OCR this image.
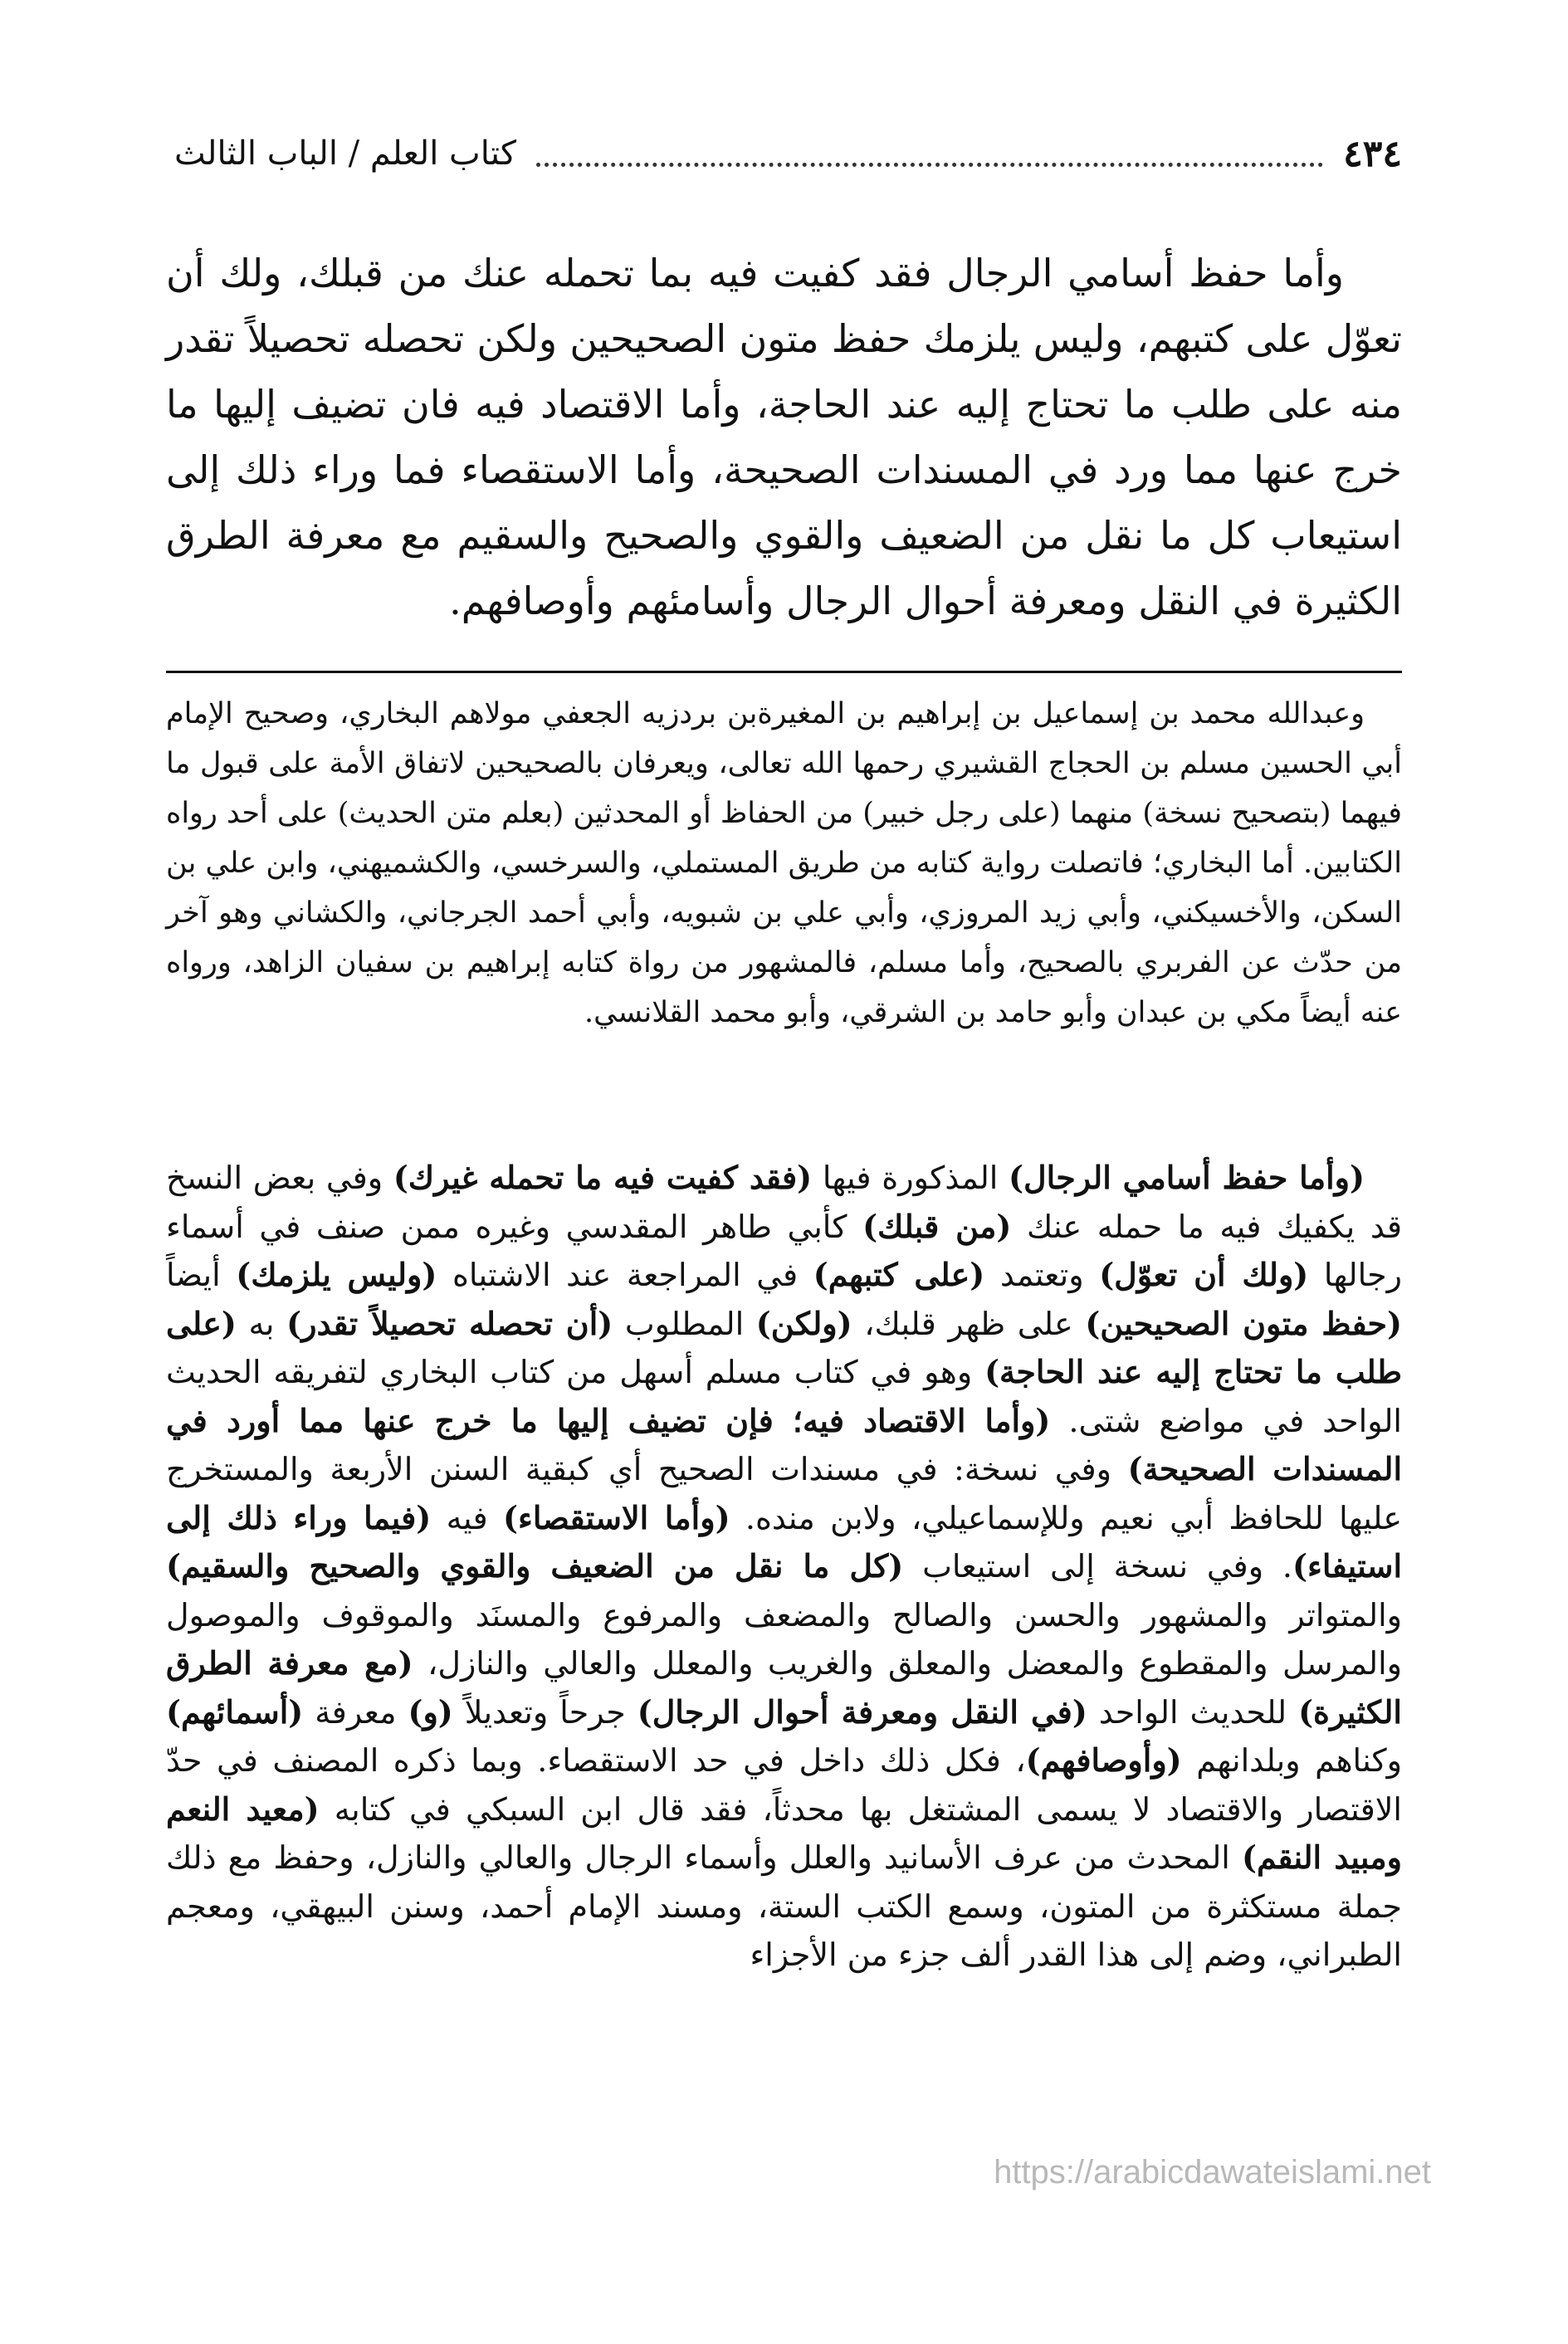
٤٣٤
كتاب العلم / الباب الثالث

وأما حفظ أسامي الرجال فقد كفيت فيه بما تحمله عنك من قبلك، ولك أن تعوّل على كتبهم، وليس يلزمك حفظ متون الصحيحين ولكن تحصله تحصيلاً تقدر منه على طلب ما تحتاج إليه عند الحاجة، وأما الاقتصاد فيه فان تضيف إليها ما خرج عنها مما ورد في المسندات الصحيحة، وأما الاستقصاء فما وراء ذلك إلى استيعاب كل ما نقل من الضعيف والقوي والصحيح والسقيم مع معرفة الطرق الكثيرة في النقل ومعرفة أحوال الرجال وأسامئهم وأوصافهم.

وعبدالله محمد بن إسماعيل بن إبراهيم بن المغيرةبن بردزيه الجعفي مولاهم البخاري، وصحيح الإمام أبي الحسين مسلم بن الحجاج القشيري رحمها الله تعالى، ويعرفان بالصحيحين لاتفاق الأمة على قبول ما فيهما (بتصحيح نسخة) منهما (على رجل خبير) من الحفاظ أو المحدثين (بعلم متن الحديث) على أحد رواه الكتابين. أما البخاري؛ فاتصلت رواية كتابه من طريق المستملي، والسرخسي، والكشميهني، وابن علي بن السكن، والأخسيكني، وأبي زيد المروزي، وأبي علي بن شبويه، وأبي أحمد الجرجاني، والكشاني وهو آخر من حدّث عن الفربري بالصحيح، وأما مسلم، فالمشهور من رواة كتابه إبراهيم بن سفيان الزاهد، ورواه عنه أيضاً مكي بن عبدان وأبو حامد بن الشرقي، وأبو محمد القلانسي.

(وأما حفظ أسامي الرجال) المذكورة فيها (فقد كفيت فيه ما تحمله غيرك) وفي بعض النسخ قد يكفيك فيه ما حمله عنك (من قبلك) كأبي طاهر المقدسي وغيره ممن صنف في أسماء رجالها (ولك أن تعوّل) وتعتمد (على كتبهم) في المراجعة عند الاشتباه (وليس يلزمك) أيضاً (حفظ متون الصحيحين) على ظهر قلبك، (ولكن) المطلوب (أن تحصله تحصيلاً تقدر) به (على طلب ما تحتاج إليه عند الحاجة) وهو في كتاب مسلم أسهل من كتاب البخاري لتفريقه الحديث الواحد في مواضع شتى. (وأما الاقتصاد فيه؛ فإن تضيف إليها ما خرج عنها مما أورد في المسندات الصحيحة) وفي نسخة: في مسندات الصحيح أي كبقية السنن الأربعة والمستخرج عليها للحافظ أبي نعيم وللإسماعيلي، ولابن منده. (وأما الاستقصاء) فيه (فيما وراء ذلك إلى استيفاء). وفي نسخة إلى استيعاب (كل ما نقل من الضعيف والقوي والصحيح والسقيم) والمتواتر والمشهور والحسن والصالح والمضعف والمرفوع والمسنَد والموقوف والموصول والمرسل والمقطوع والمعضل والمعلق والغريب والمعلل والعالي والنازل، (مع معرفة الطرق الكثيرة) للحديث الواحد (في النقل ومعرفة أحوال الرجال) جرحاً وتعديلاً (و) معرفة (أسمائهم) وكناهم وبلدانهم (وأوصافهم)، فكل ذلك داخل في حد الاستقصاء. وبما ذكره المصنف في حدّ الاقتصار والاقتصاد لا يسمى المشتغل بها محدثاً، فقد قال ابن السبكي في كتابه (معيد النعم ومبيد النقم) المحدث من عرف الأسانيد والعلل وأسماء الرجال والعالي والنازل، وحفظ مع ذلك جملة مستكثرة من المتون، وسمع الكتب الستة، ومسند الإمام أحمد، وسنن البيهقي، ومعجم الطبراني، وضم إلى هذا القدر ألف جزء من الأجزاء

https://arabicdawateislami.net
